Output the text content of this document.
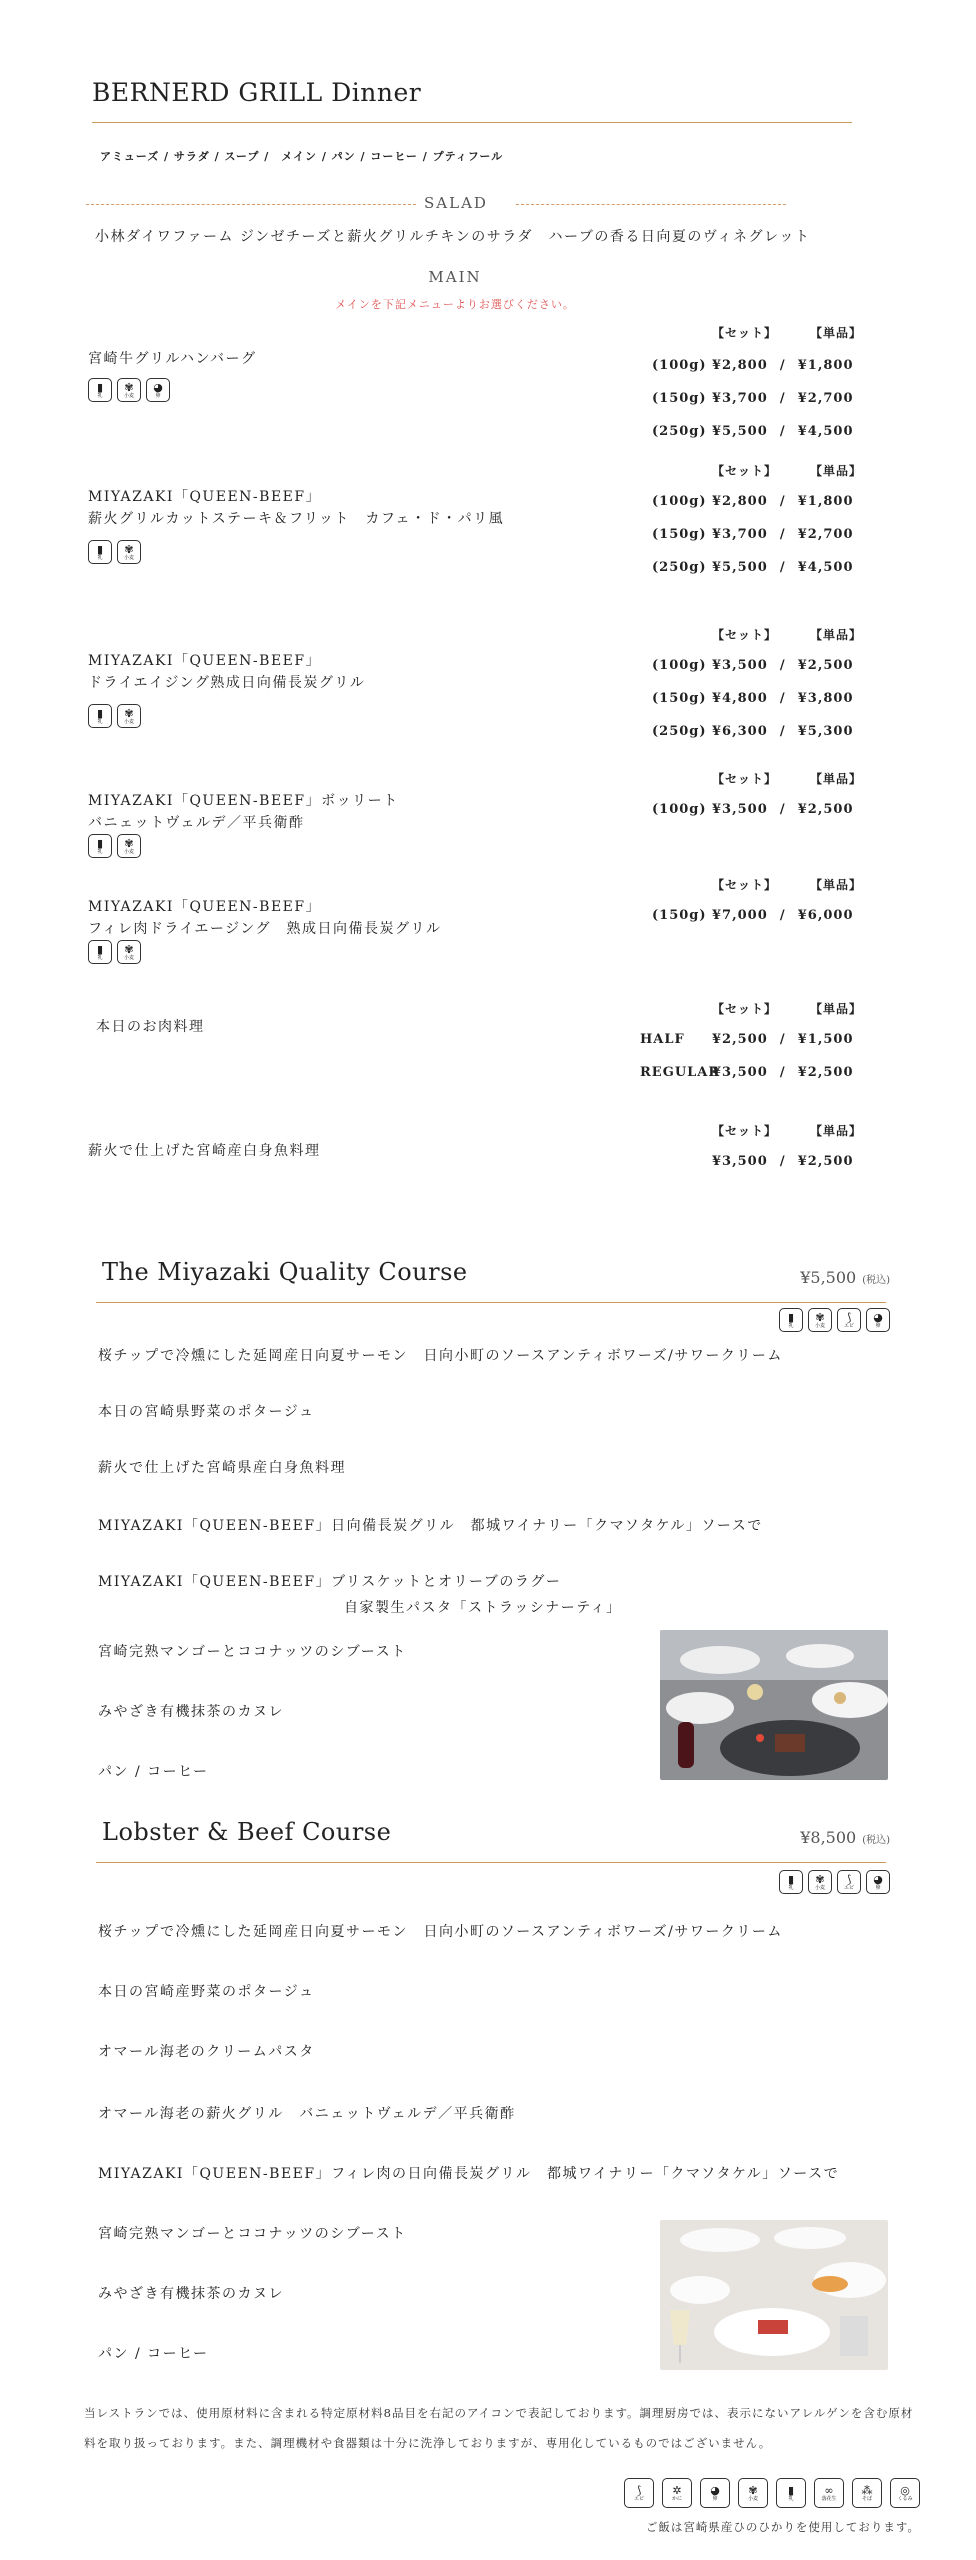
BERNERD GRILL Dinner
アミューズ / サラダ / スープ /　メイン / パン / コーヒー / プティフール
SALAD
小林ダイワファーム ジンゼチーズと薪火グリルチキンのサラダ　ハーブの香る日向夏のヴィネグレット
MAIN
メインを下記メニューよりお選びください。
宮崎牛グリルハンバーグ
▮
乳
✾
小麦
◕
卵
【セット】	【単品】
(100g) ¥2,800 / ¥1,800
(150g) ¥3,700 / ¥2,700
(250g) ¥5,500 / ¥4,500
MIYAZAKI「QUEEN-BEEF」
薪火グリルカットステーキ＆フリット　カフェ・ド・パリ風
▮
乳
✾
小麦
【セット】	【単品】
(100g) ¥2,800 / ¥1,800
(150g) ¥3,700 / ¥2,700
(250g) ¥5,500 / ¥4,500
MIYAZAKI「QUEEN-BEEF」
ドライエイジング熟成日向備長炭グリル
▮
乳
✾
小麦
【セット】	【単品】
(100g) ¥3,500 / ¥2,500
(150g) ¥4,800 / ¥3,800
(250g) ¥6,300 / ¥5,300
MIYAZAKI「QUEEN-BEEF」ボッリート
バニェットヴェルデ／平兵衛酢
▮
乳
✾
小麦
【セット】	【単品】
(100g) ¥3,500 / ¥2,500
MIYAZAKI「QUEEN-BEEF」
フィレ肉ドライエージング　熟成日向備長炭グリル
▮
乳
✾
小麦
【セット】	【単品】
(150g) ¥7,000 / ¥6,000
本日のお肉料理
【セット】	【単品】
HALF ¥2,500 / ¥1,500
REGULAR¥3,500 / ¥2,500
薪火で仕上げた宮崎産白身魚料理
【セット】	【単品】
¥3,500 / ¥2,500
The Miyazaki Quality Course	¥5,500 (税込)
▮
乳
✾
小麦
⟆
エビ
◕
卵
桜チップで冷燻にした延岡産日向夏サーモン　日向小町のソースアンティボワーズ/サワークリーム
本日の宮崎県野菜のポタージュ
薪火で仕上げた宮崎県産白身魚料理
MIYAZAKI「QUEEN-BEEF」日向備長炭グリル　都城ワイナリー「クマソタケル」ソースで
MIYAZAKI「QUEEN-BEEF」ブリスケットとオリーブのラグー
自家製生パスタ「ストラッシナーティ」
宮崎完熟マンゴーとココナッツのシブースト
みやざき有機抹茶のカヌレ
パン / コーヒー
Lobster & Beef Course	¥8,500 (税込)
▮
乳
✾
小麦
⟆
エビ
◕
卵
桜チップで冷燻にした延岡産日向夏サーモン　日向小町のソースアンティボワーズ/サワークリーム
本日の宮崎産野菜のポタージュ
オマール海老のクリームパスタ
オマール海老の薪火グリル　バニェットヴェルデ／平兵衛酢
MIYAZAKI「QUEEN-BEEF」フィレ肉の日向備長炭グリル　都城ワイナリー「クマソタケル」ソースで
宮崎完熟マンゴーとココナッツのシブースト
みやざき有機抹茶のカヌレ
パン / コーヒー
当レストランでは、使用原材料に含まれる特定原材料8品目を右記のアイコンで表記しております。調理厨房では、表示にないアレルゲンを含む原材料を取り扱っております。また、調理機材や食器類は十分に洗浄しておりますが、専用化しているものではございません。
⟆
エビ
✲
かに
◕
卵
✾
小麦
▮
乳
∞
落花生
⁂
そば
◎
くるみ
ご飯は宮崎県産ひのひかりを使用しております。
